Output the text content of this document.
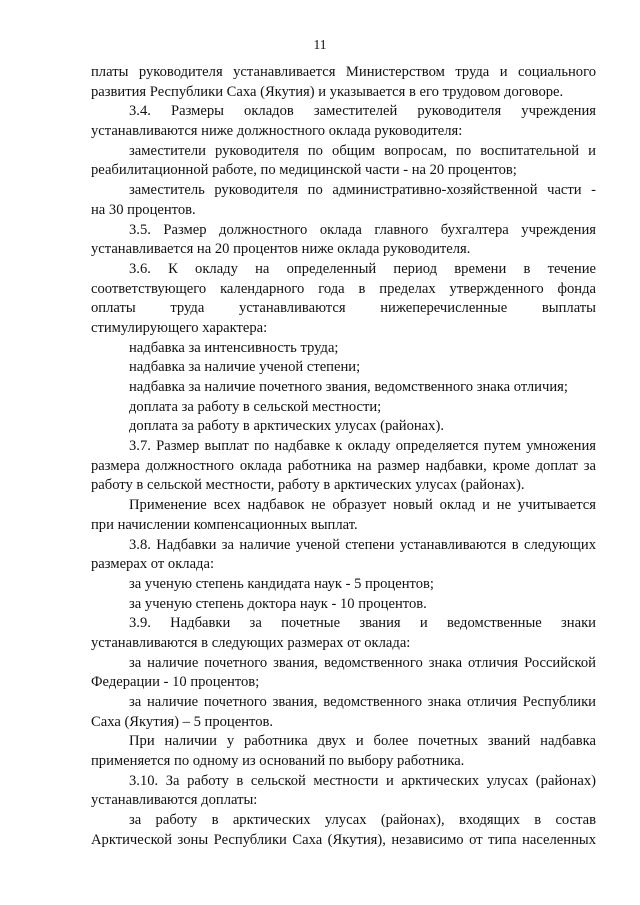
11
платы руководителя устанавливается Министерством труда и социального
развития Республики Саха (Якутия) и указывается в его трудовом договоре.
3.4. Размеры окладов заместителей руководителя учреждения
устанавливаются ниже должностного оклада руководителя:
заместители руководителя по общим вопросам, по воспитательной и
реабилитационной работе, по медицинской части - на 20 процентов;
заместитель руководителя по административно-хозяйственной части -
на 30 процентов.
3.5. Размер должностного оклада главного бухгалтера учреждения
устанавливается на 20 процентов ниже оклада руководителя.
3.6. К окладу на определенный период времени в течение
соответствующего календарного года в пределах утвержденного фонда
оплаты труда устанавливаются нижеперечисленные выплаты
стимулирующего характера:
надбавка за интенсивность труда;
надбавка за наличие ученой степени;
надбавка за наличие почетного звания, ведомственного знака отличия;
доплата за работу в сельской местности;
доплата за работу в арктических улусах (районах).
3.7. Размер выплат по надбавке к окладу определяется путем умножения
размера должностного оклада работника на размер надбавки, кроме доплат за
работу в сельской местности, работу в арктических улусах (районах).
Применение всех надбавок не образует новый оклад и не учитывается
при начислении компенсационных выплат.
3.8. Надбавки за наличие ученой степени устанавливаются в следующих
размерах от оклада:
за ученую степень кандидата наук - 5 процентов;
за ученую степень доктора наук - 10 процентов.
3.9. Надбавки за почетные звания и ведомственные знаки
устанавливаются в следующих размерах от оклада:
за наличие почетного звания, ведомственного знака отличия Российской
Федерации - 10 процентов;
за наличие почетного звания, ведомственного знака отличия Республики
Саха (Якутия) – 5 процентов.
При наличии у работника двух и более почетных званий надбавка
применяется по одному из оснований по выбору работника.
3.10. За работу в сельской местности и арктических улусах (районах)
устанавливаются доплаты:
за работу в арктических улусах (районах), входящих в состав
Арктической зоны Республики Саха (Якутия), независимо от типа населенных
